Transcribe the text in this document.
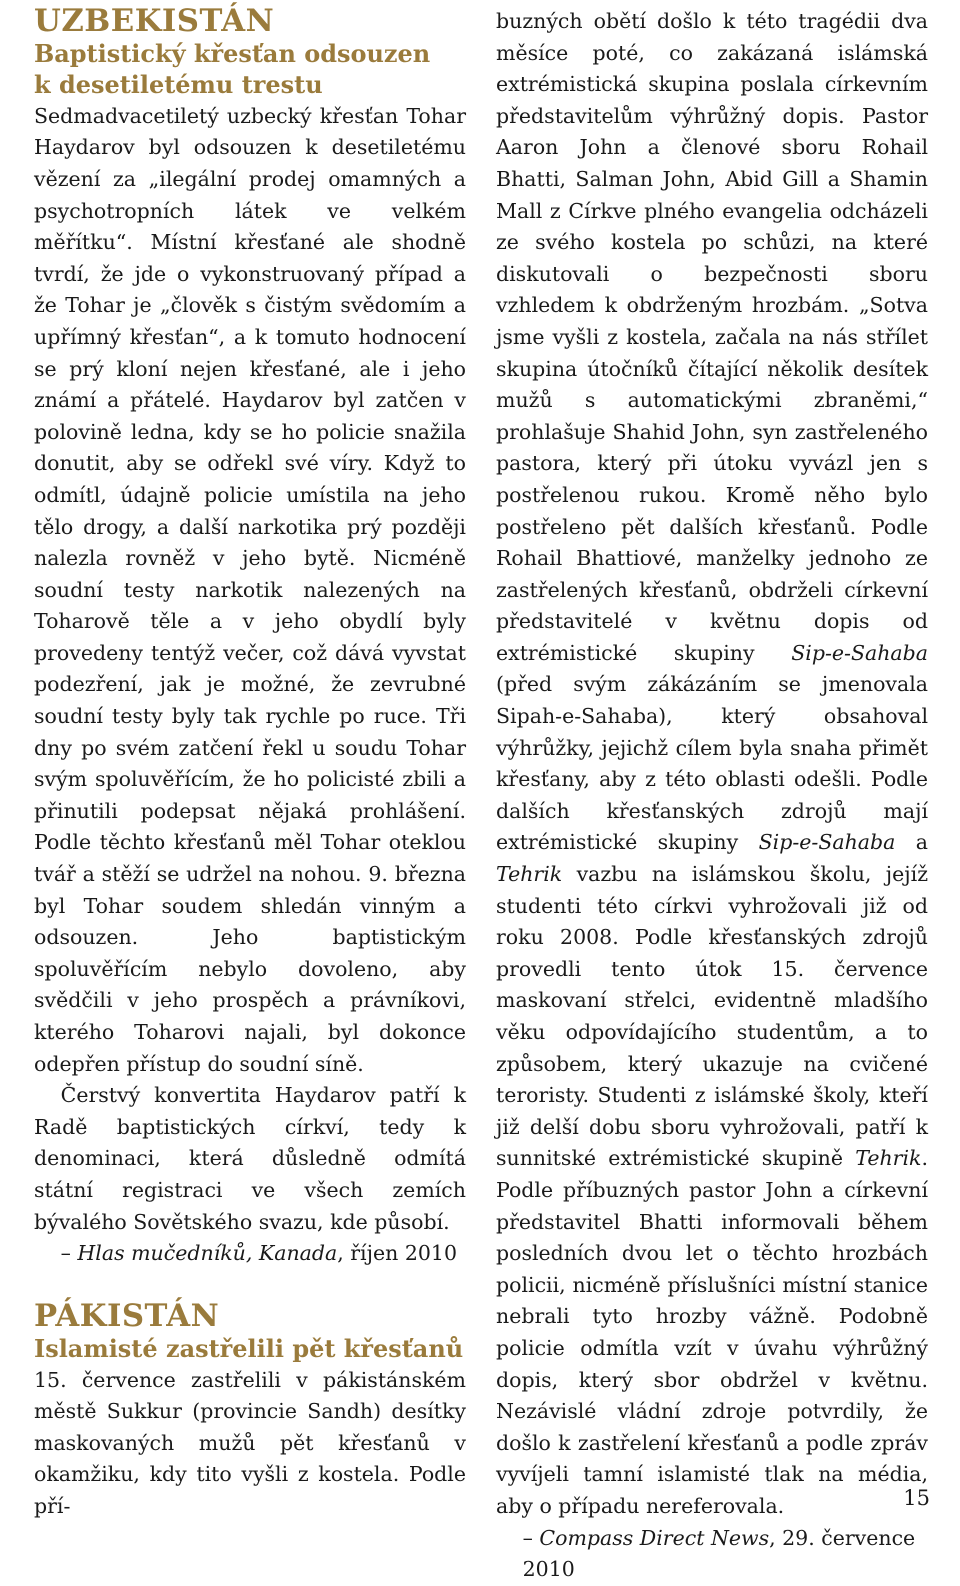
UZBEKISTÁN
Baptistický křesťan odsouzen
k desetiletému trestu

Sedmadvacetiletý uzbecký křesťan Tohar Haydarov byl odsouzen k desetiletému vězení za „ilegální prodej omamných a psychotropních látek ve velkém měřítku“. Místní křesťané ale shodně tvrdí, že jde o vykonstruovaný případ a že Tohar je „člověk s čistým svědomím a upřímný křesťan“, a k tomuto hodnocení se prý kloní nejen křesťané, ale i jeho známí a přátelé. Haydarov byl zatčen v polovině ledna, kdy se ho policie snažila donutit, aby se odřekl své víry. Když to odmítl, údajně policie umístila na jeho tělo drogy, a další narkotika prý později nalezla rovněž v jeho bytě. Nicméně soudní testy narkotik nalezených na Toharově těle a v jeho obydlí byly provedeny tentýž večer, což dává vyvstat podezření, jak je možné, že zevrubné soudní testy byly tak rychle po ruce. Tři dny po svém zatčení řekl u soudu Tohar svým spoluvěřícím, že ho policisté zbili a přinutili podepsat nějaká prohlášení. Podle těchto křesťanů měl Tohar oteklou tvář a stěží se udržel na nohou. 9. března byl Tohar soudem shledán vinným a odsouzen. Jeho baptistickým spoluvěřícím nebylo dovoleno, aby svědčili v jeho prospěch a právníkovi, kterého Toharovi najali, byl dokonce odepřen přístup do soudní síně.

Čerstvý konvertita Haydarov patří k Radě baptistických církví, tedy k denominaci, která důsledně odmítá státní registraci ve všech zemích bývalého Sovětského svazu, kde působí.

– Hlas mučedníků, Kanada, říjen 2010

PÁKISTÁN
Islamisté zastřelili pět křesťanů

15. července zastřelili v pákistánském městě Sukkur (provincie Sandh) desítky maskovaných mužů pět křesťanů v okamžiku, kdy tito vyšli z kostela. Podle pří-

buzných obětí došlo k této tragédii dva měsíce poté, co zakázaná islámská extrémistická skupina poslala církevním představitelům výhrůžný dopis. Pastor Aaron John a členové sboru Rohail Bhatti, Salman John, Abid Gill a Shamin Mall z Církve plného evangelia odcházeli ze svého kostela po schůzi, na které diskutovali o bezpečnosti sboru vzhledem k obdrženým hrozbám. „Sotva jsme vyšli z kostela, začala na nás střílet skupina útočníků čítající několik desítek mužů s automatickými zbraněmi,“ prohlašuje Shahid John, syn zastřeleného pastora, který při útoku vyvázl jen s postřelenou rukou. Kromě něho bylo postřeleno pět dalších křesťanů. Podle Rohail Bhattiové, manželky jednoho ze zastřelených křesťanů, obdrželi církevní představitelé v květnu dopis od extrémistické skupiny Sip-e-Sahaba (před svým zákázáním se jmenovala Sipah-e-Sahaba), který obsahoval výhrůžky, jejichž cílem byla snaha přimět křesťany, aby z této oblasti odešli. Podle dalších křesťanských zdrojů mají extrémistické skupiny Sip-e-Sahaba a Tehrik vazbu na islámskou školu, jejíž studenti této církvi vyhrožovali již od roku 2008. Podle křesťanských zdrojů provedli tento útok 15. července maskovaní střelci, evidentně mladšího věku odpovídajícího studentům, a to způsobem, který ukazuje na cvičené teroristy. Studenti z islámské školy, kteří již delší dobu sboru vyhrožovali, patří k sunnitské extrémistické skupině Tehrik. Podle příbuzných pastor John a církevní představitel Bhatti informovali během posledních dvou let o těchto hrozbách policii, nicméně příslušníci místní stanice nebrali tyto hrozby vážně. Podobně policie odmítla vzít v úvahu výhrůžný dopis, který sbor obdržel v květnu. Nezávislé vládní zdroje potvrdily, že došlo k zastřelení křesťanů a podle zpráv vyvíjeli tamní islamisté tlak na média, aby o případu nereferovala.

– Compass Direct News, 29. července 2010

15
